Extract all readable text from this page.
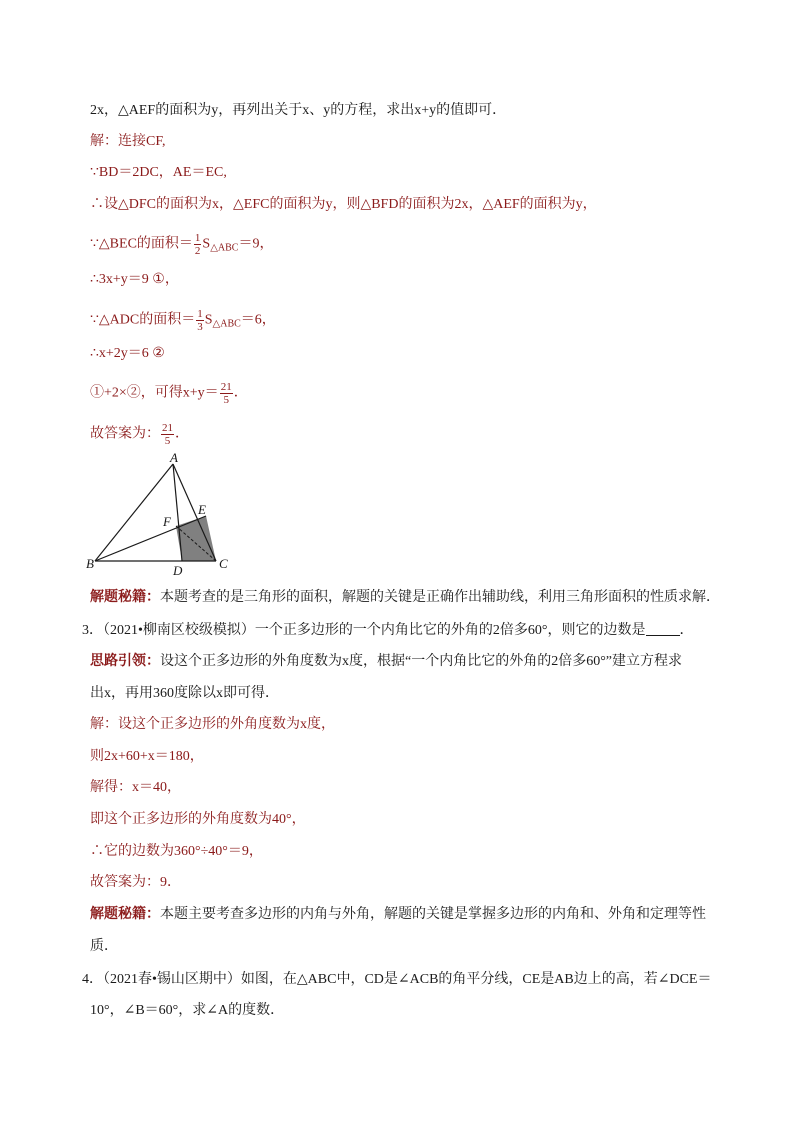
2x，△AEF的面积为y，再列出关于x、y的方程，求出x+y的值即可．
解：连接CF,
∵BD＝2DC，AE＝EC,
∴设△DFC的面积为x，△EFC的面积为y，则△BFD的面积为2x，△AEF的面积为y，
∵△BEC的面积＝ $\frac{1}{2} S_{\triangle ABC}=9$，
∴3x+y＝9 ①，
∵△ADC的面积＝ $\frac{1}{3} S_{\triangle ABC}=6$，
∴x+2y＝6 ②
①+2×②，可得$x+y= \frac{21}{5}$ ．
故答案为： $\frac{21}{5}$ ．
A
E
F
B	D	C
解题秘籍：本题考查的是三角形的面积，解题的关键是正确作出辅助线，利用三角形面积的性质求解．
3．（2021•柳南区校级模拟）一个正多边形的一个内角比它的外角的2倍多60°，则它的边数是 ．
思路引领：设这个正多边形的外角度数为x度，根据“一个内角比它的外角的2倍多60°”建立方程求
出x，再用360度除以x即可得．
解：设这个正多边形的外角度数为x度，
则2x+60+x＝180，
解得：x＝40，
即这个正多边形的外角度数为40°，
∴它的边数为360°÷40°＝9，
故答案为：9．
解题秘籍：本题主要考查多边形的内角与外角，解题的关键是掌握多边形的内角和、外角和定理等性
质．
4．（2021春•锡山区期中）如图，在△ABC中，CD是∠ACB的角平分线，CE是AB边上的高，若∠DCE＝
10°，∠B＝60°，求∠A的度数．
